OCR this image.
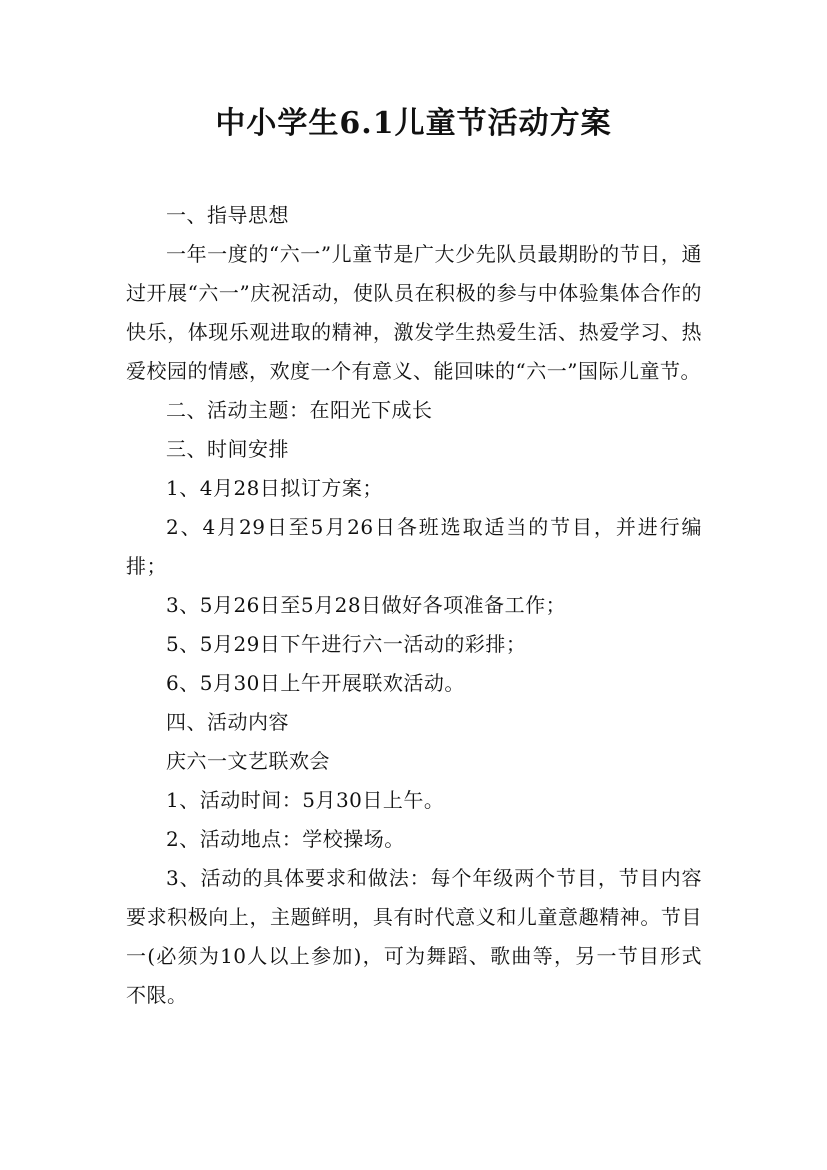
中小学生6.1儿童节活动方案

一、指导思想

一年一度的“六一”儿童节是广大少先队员最期盼的节日，通过开展“六一”庆祝活动，使队员在积极的参与中体验集体合作的快乐，体现乐观进取的精神，激发学生热爱生活、热爱学习、热爱校园的情感，欢度一个有意义、能回味的“六一”国际儿童节。

二、活动主题：在阳光下成长

三、时间安排

1、4月28日拟订方案；

2、4月29日至5月26日各班选取适当的节目，并进行编排；

3、5月26日至5月28日做好各项准备工作；

5、5月29日下午进行六一活动的彩排；

6、5月30日上午开展联欢活动。

四、活动内容

庆六一文艺联欢会

1、活动时间：5月30日上午。

2、活动地点：学校操场。

3、活动的具体要求和做法：每个年级两个节目，节目内容要求积极向上，主题鲜明，具有时代意义和儿童意趣精神。节目一(必须为10人以上参加)，可为舞蹈、歌曲等，另一节目形式不限。
